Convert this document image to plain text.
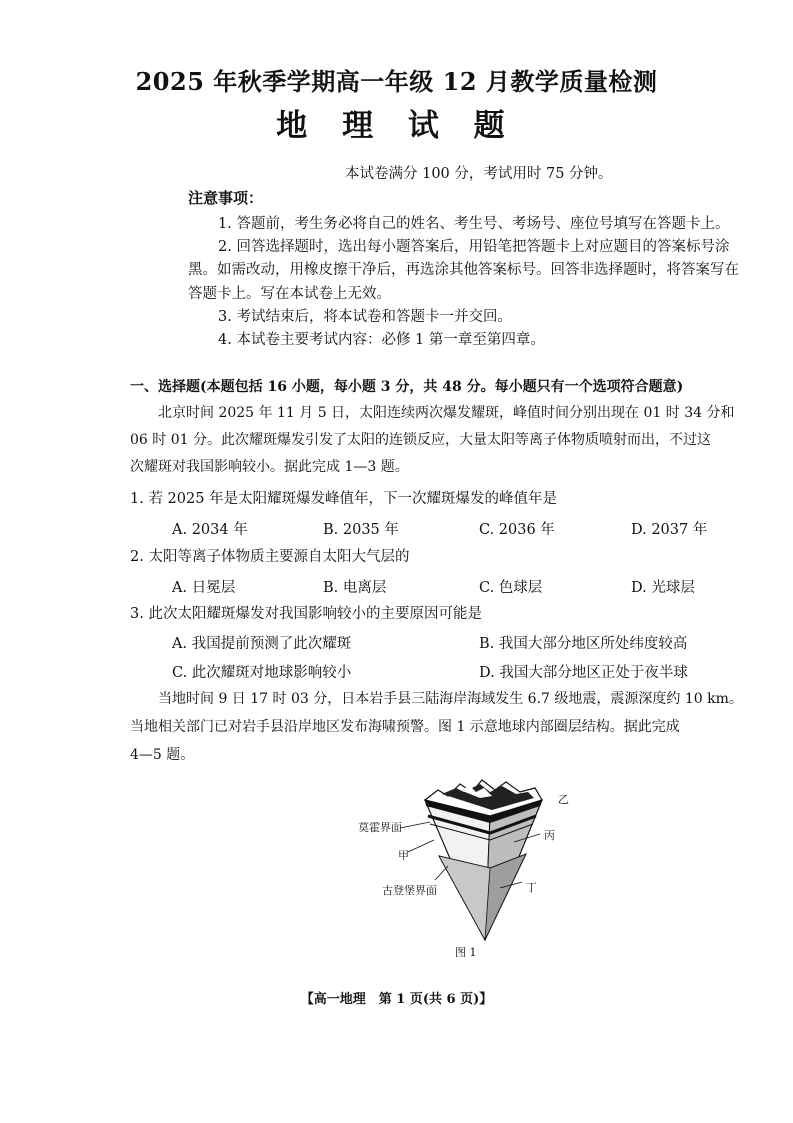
2025 年秋季学期高一年级 12 月教学质量检测
地 理 试 题
本试卷满分 100 分，考试用时 75 分钟。
注意事项：
1. 答题前，考生务必将自己的姓名、考生号、考场号、座位号填写在答题卡上。
2. 回答选择题时，选出每小题答案后，用铅笔把答题卡上对应题目的答案标号涂
黑。如需改动，用橡皮擦干净后，再选涂其他答案标号。回答非选择题时，将答案写在
答题卡上。写在本试卷上无效。
3. 考试结束后，将本试卷和答题卡一并交回。
4. 本试卷主要考试内容：必修 1 第一章至第四章。
一、选择题(本题包括 16 小题，每小题 3 分，共 48 分。每小题只有一个选项符合题意)
北京时间 2025 年 11 月 5 日，太阳连续两次爆发耀斑，峰值时间分别出现在 01 时 34 分和
06 时 01 分。此次耀斑爆发引发了太阳的连锁反应，大量太阳等离子体物质喷射而出，不过这
次耀斑对我国影响较小。据此完成 1—3 题。
1. 若 2025 年是太阳耀斑爆发峰值年，下一次耀斑爆发的峰值年是
A. 2034 年	B. 2035 年	C. 2036 年	D. 2037 年
2. 太阳等离子体物质主要源自太阳大气层的
A. 日冕层	B. 电离层	C. 色球层	D. 光球层
3. 此次太阳耀斑爆发对我国影响较小的主要原因可能是
A. 我国提前预测了此次耀斑	B. 我国大部分地区所处纬度较高
C. 此次耀斑对地球影响较小	D. 我国大部分地区正处于夜半球
当地时间 9 日 17 时 03 分，日本岩手县三陆海岸海域发生 6.7 级地震，震源深度约 10 km。
当地相关部门已对岩手县沿岸地区发布海啸预警。图 1 示意地球内部圈层结构。据此完成
4—5 题。
莫霍界面
甲
古登堡界面
乙
丙
丁
图 1
【高一地理　第 1 页(共 6 页)】
